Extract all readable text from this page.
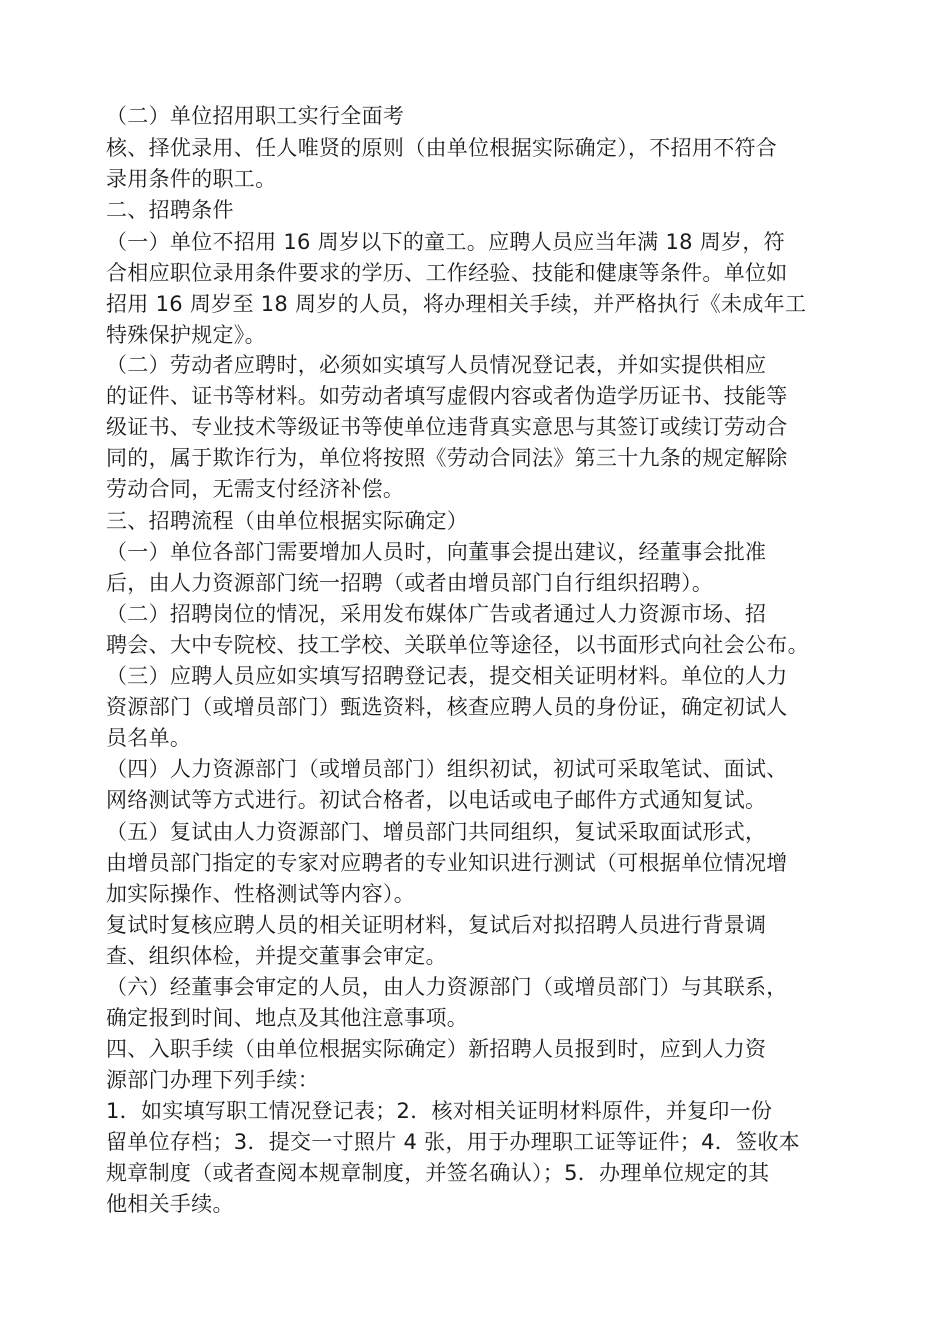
（二）单位招用职工实行全面考
核、择优录用、任人唯贤的原则（由单位根据实际确定），不招用不符合
录用条件的职工。
二、招聘条件
（一）单位不招用 16 周岁以下的童工。应聘人员应当年满 18 周岁，符
合相应职位录用条件要求的学历、工作经验、技能和健康等条件。单位如
招用 16 周岁至 18 周岁的人员，将办理相关手续，并严格执行《未成年工
特殊保护规定》。
（二）劳动者应聘时，必须如实填写人员情况登记表，并如实提供相应
的证件、证书等材料。如劳动者填写虚假内容或者伪造学历证书、技能等
级证书、专业技术等级证书等使单位违背真实意思与其签订或续订劳动合
同的，属于欺诈行为，单位将按照《劳动合同法》第三十九条的规定解除
劳动合同，无需支付经济补偿。
三、招聘流程（由单位根据实际确定）
（一）单位各部门需要增加人员时，向董事会提出建议，经董事会批准
后，由人力资源部门统一招聘（或者由增员部门自行组织招聘）。
（二）招聘岗位的情况，采用发布媒体广告或者通过人力资源市场、招
聘会、大中专院校、技工学校、关联单位等途径，以书面形式向社会公布。
（三）应聘人员应如实填写招聘登记表，提交相关证明材料。单位的人力
资源部门（或增员部门）甄选资料，核查应聘人员的身份证，确定初试人
员名单。
（四）人力资源部门（或增员部门）组织初试，初试可采取笔试、面试、
网络测试等方式进行。初试合格者，以电话或电子邮件方式通知复试。
（五）复试由人力资源部门、增员部门共同组织，复试采取面试形式，
由增员部门指定的专家对应聘者的专业知识进行测试（可根据单位情况增
加实际操作、性格测试等内容）。
复试时复核应聘人员的相关证明材料，复试后对拟招聘人员进行背景调
查、组织体检，并提交董事会审定。
（六）经董事会审定的人员，由人力资源部门（或增员部门）与其联系，
确定报到时间、地点及其他注意事项。
四、入职手续（由单位根据实际确定）新招聘人员报到时，应到人力资
源部门办理下列手续：
1．如实填写职工情况登记表；2．核对相关证明材料原件，并复印一份
留单位存档；3．提交一寸照片 4 张，用于办理职工证等证件；4．签收本
规章制度（或者查阅本规章制度，并签名确认）；5．办理单位规定的其
他相关手续。
